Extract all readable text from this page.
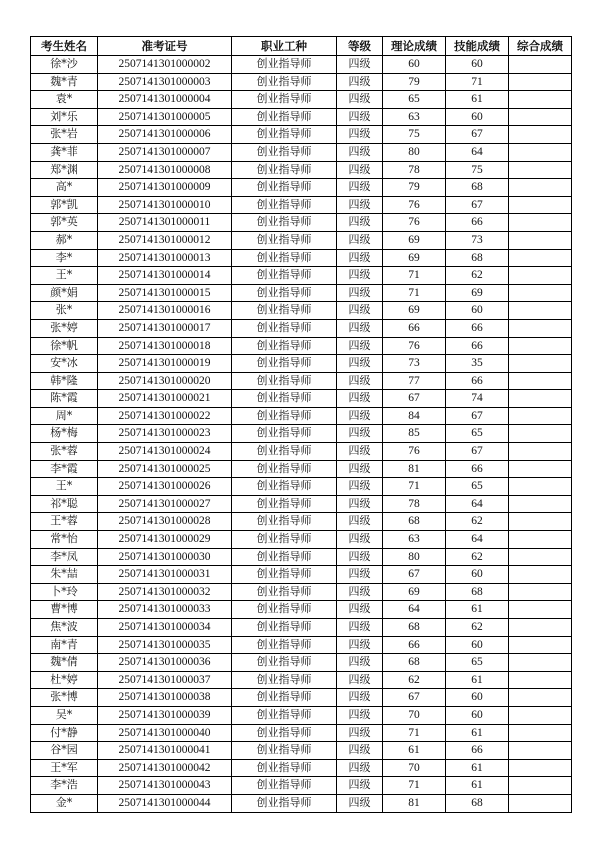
考生姓名	准考证号	职业工种	等级	理论成绩	技能成绩	综合成绩
徐*沙	2507141301000002	创业指导师	四级	60	60	
魏*青	2507141301000003	创业指导师	四级	79	71	
袁*	2507141301000004	创业指导师	四级	65	61	
刘*乐	2507141301000005	创业指导师	四级	63	60	
张*岩	2507141301000006	创业指导师	四级	75	67	
龚*菲	2507141301000007	创业指导师	四级	80	64	
郑*渊	2507141301000008	创业指导师	四级	78	75	
高*	2507141301000009	创业指导师	四级	79	68	
郭*凯	2507141301000010	创业指导师	四级	76	67	
郭*英	2507141301000011	创业指导师	四级	76	66	
郝*	2507141301000012	创业指导师	四级	69	73	
李*	2507141301000013	创业指导师	四级	69	68	
王*	2507141301000014	创业指导师	四级	71	62	
颜*娟	2507141301000015	创业指导师	四级	71	69	
张*	2507141301000016	创业指导师	四级	69	60	
张*婷	2507141301000017	创业指导师	四级	66	66	
徐*帆	2507141301000018	创业指导师	四级	76	66	
安*冰	2507141301000019	创业指导师	四级	73	35	
韩*隆	2507141301000020	创业指导师	四级	77	66	
陈*霞	2507141301000021	创业指导师	四级	67	74	
周*	2507141301000022	创业指导师	四级	84	67	
杨*梅	2507141301000023	创业指导师	四级	85	65	
张*蓉	2507141301000024	创业指导师	四级	76	67	
李*霞	2507141301000025	创业指导师	四级	81	66	
王*	2507141301000026	创业指导师	四级	71	65	
祁*聪	2507141301000027	创业指导师	四级	78	64	
王*蓉	2507141301000028	创业指导师	四级	68	62	
常*怡	2507141301000029	创业指导师	四级	63	64	
李*凤	2507141301000030	创业指导师	四级	80	62	
朱*喆	2507141301000031	创业指导师	四级	67	60	
卜*玲	2507141301000032	创业指导师	四级	69	68	
曹*博	2507141301000033	创业指导师	四级	64	61	
焦*波	2507141301000034	创业指导师	四级	68	62	
南*青	2507141301000035	创业指导师	四级	66	60	
魏*倩	2507141301000036	创业指导师	四级	68	65	
杜*婷	2507141301000037	创业指导师	四级	62	61	
张*博	2507141301000038	创业指导师	四级	67	60	
吴*	2507141301000039	创业指导师	四级	70	60	
付*静	2507141301000040	创业指导师	四级	71	61	
谷*园	2507141301000041	创业指导师	四级	61	66	
王*军	2507141301000042	创业指导师	四级	70	61	
李*浩	2507141301000043	创业指导师	四级	71	61	
金*	2507141301000044	创业指导师	四级	81	68	
